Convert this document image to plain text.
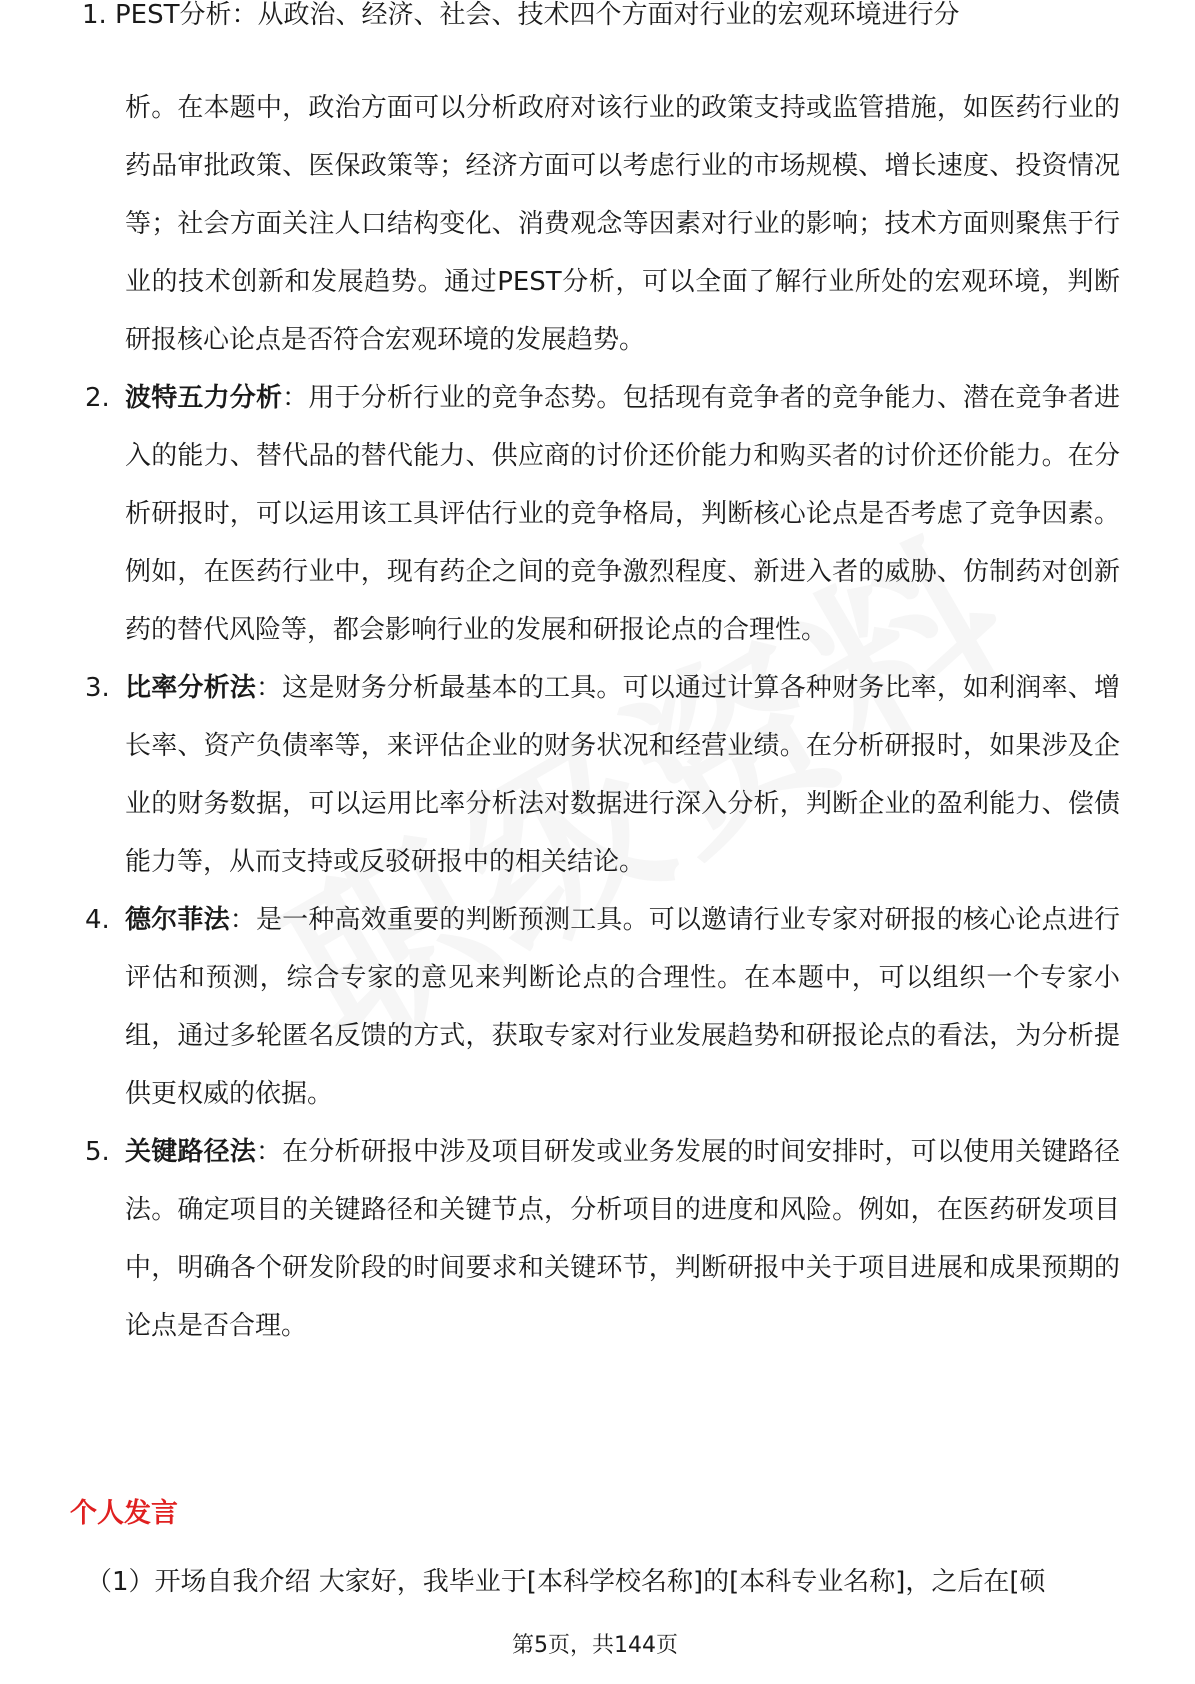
1. PEST分析：从政治、经济、社会、技术四个方面对行业的宏观环境进行分
析。在本题中，政治方面可以分析政府对该行业的政策支持或监管措施，如医药行业的药品审批政策、医保政策等；经济方面可以考虑行业的市场规模、增长速度、投资情况等；社会方面关注人口结构变化、消费观念等因素对行业的影响；技术方面则聚焦于行业的技术创新和发展趋势。通过PEST分析，可以全面了解行业所处的宏观环境，判断研报核心论点是否符合宏观环境的发展趋势。
2. 波特五力分析：用于分析行业的竞争态势。包括现有竞争者的竞争能力、潜在竞争者进入的能力、替代品的替代能力、供应商的讨价还价能力和购买者的讨价还价能力。在分析研报时，可以运用该工具评估行业的竞争格局，判断核心论点是否考虑了竞争因素。例如，在医药行业中，现有药企之间的竞争激烈程度、新进入者的威胁、仿制药对创新药的替代风险等，都会影响行业的发展和研报论点的合理性。
3. 比率分析法：这是财务分析最基本的工具。可以通过计算各种财务比率，如利润率、增长率、资产负债率等，来评估企业的财务状况和经营业绩。在分析研报时，如果涉及企业的财务数据，可以运用比率分析法对数据进行深入分析，判断企业的盈利能力、偿债能力等，从而支持或反驳研报中的相关结论。
4. 德尔菲法：是一种高效重要的判断预测工具。可以邀请行业专家对研报的核心论点进行评估和预测，综合专家的意见来判断论点的合理性。在本题中，可以组织一个专家小组，通过多轮匿名反馈的方式，获取专家对行业发展趋势和研报论点的看法，为分析提供更权威的依据。
5. 关键路径法：在分析研报中涉及项目研发或业务发展的时间安排时，可以使用关键路径法。确定项目的关键路径和关键节点，分析项目的进度和风险。例如，在医药研发项目中，明确各个研发阶段的时间要求和关键环节，判断研报中关于项目进展和成果预期的论点是否合理。
个人发言
（1）开场自我介绍 大家好，我毕业于[本科学校名称]的[本科专业名称]，之后在[硕
第5页，共144页
